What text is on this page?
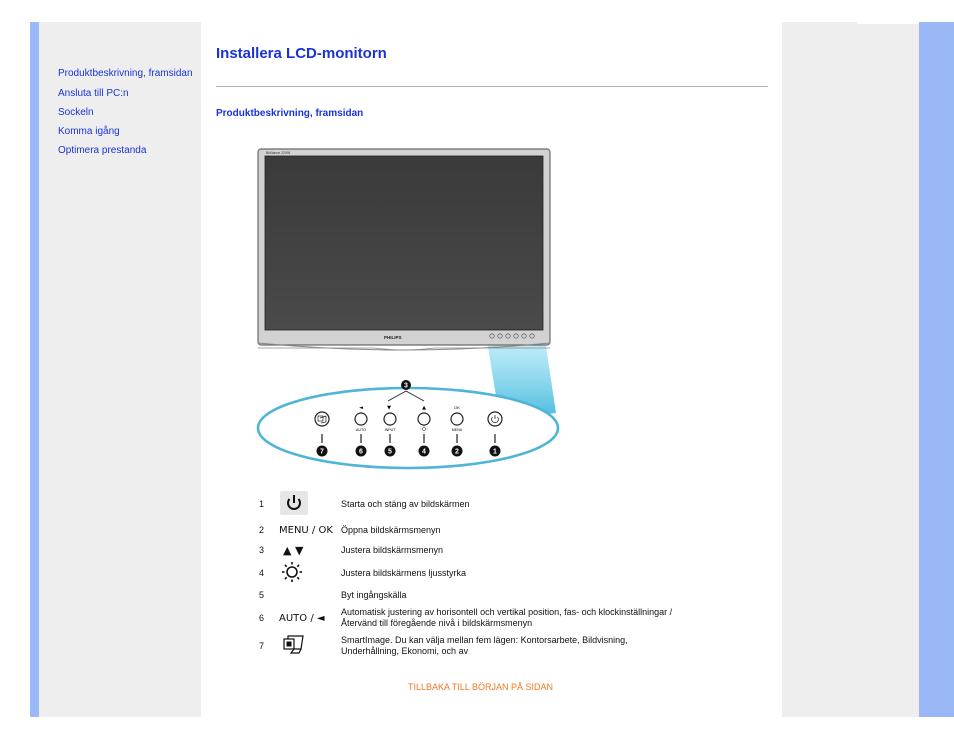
Produktbeskrivning, framsidan
Ansluta till PC:n
Sockeln
Komma igång
Optimera prestanda
Installera LCD-monitorn
Produktbeskrivning, framsidan
Brilliance 220W
PHILIPS
3
◄	▼	▲	OK
AUTO	INPUT	MENU
7	6	5	4	2	1
1		Starta och stäng av bildskärmen
2	MENU / OK	Öppna bildskärmsmenyn
3	▲ ▼	Justera bildskärmsmenyn
4		Justera bildskärmens ljusstyrka
5		Byt ingångskälla
6	AUTO / ◄	Automatisk justering av horisontell och vertikal position, fas- och klockinställningar / Återvänd till föregående nivå i bildskärmsmenyn
7		SmartImage. Du kan välja mellan fem lägen: Kontorsarbete, Bildvisning, Underhållning, Ekonomi, och av
TILLBAKA TILL BÖRJAN PÅ SIDAN
